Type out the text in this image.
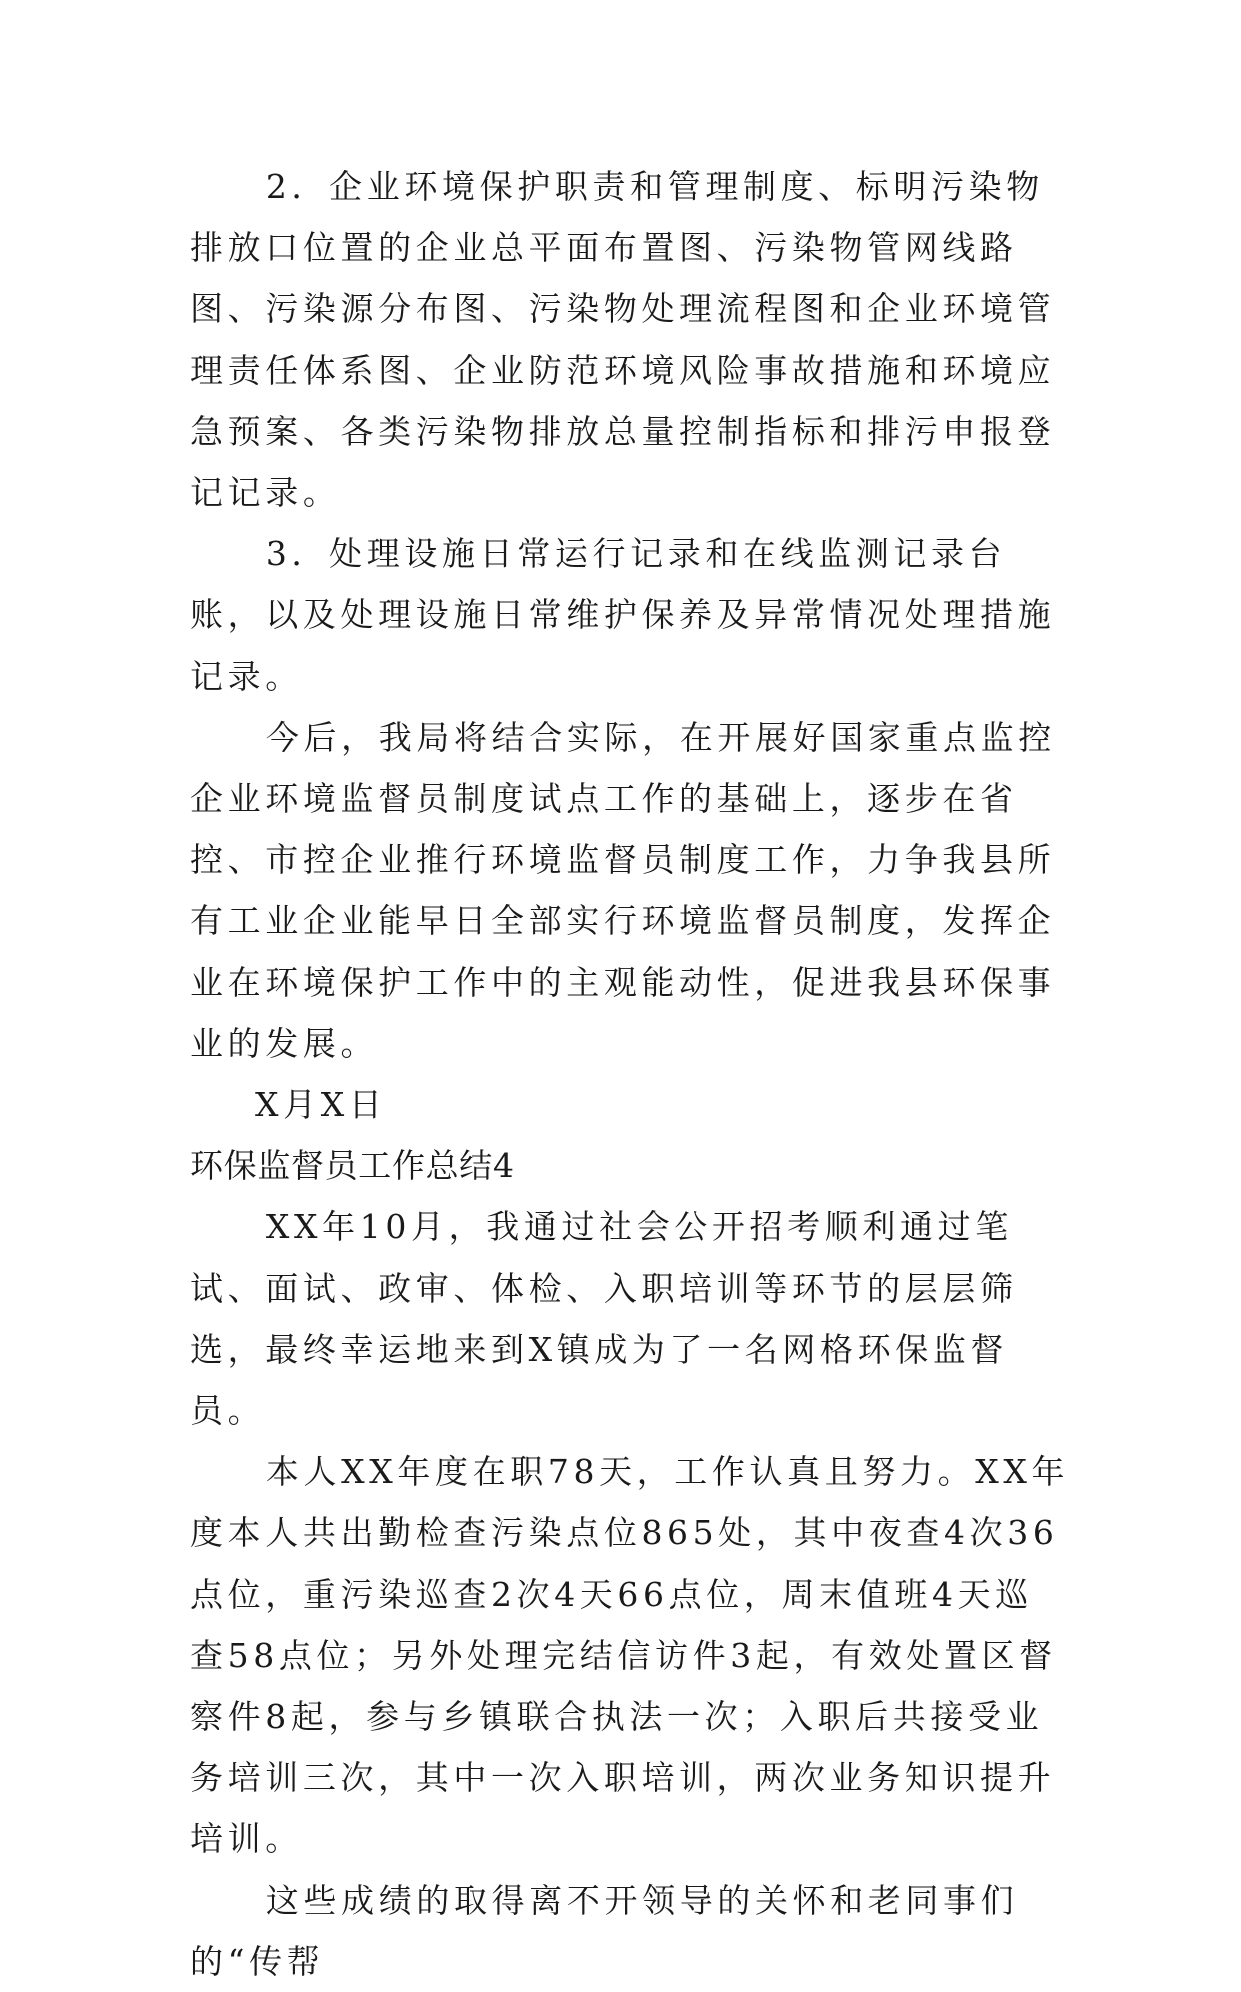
2．企业环境保护职责和管理制度、标明污染物排放口位置的企业总平面布置图、污染物管网线路图、污染源分布图、污染物处理流程图和企业环境管理责任体系图、企业防范环境风险事故措施和环境应急预案、各类污染物排放总量控制指标和排污申报登记记录。

3．处理设施日常运行记录和在线监测记录台账，以及处理设施日常维护保养及异常情况处理措施记录。

今后，我局将结合实际，在开展好国家重点监控企业环境监督员制度试点工作的基础上，逐步在省控、市控企业推行环境监督员制度工作，力争我县所有工业企业能早日全部实行环境监督员制度，发挥企业在环境保护工作中的主观能动性，促进我县环保事业的发展。

X月X日

环保监督员工作总结4

XX年10月，我通过社会公开招考顺利通过笔试、面试、政审、体检、入职培训等环节的层层筛选，最终幸运地来到X镇成为了一名网格环保监督员。

本人XX年度在职78天，工作认真且努力。XX年度本人共出勤检查污染点位865处，其中夜查4次36点位，重污染巡查2次4天66点位，周末值班4天巡查58点位；另外处理完结信访件3起，有效处置区督察件8起，参与乡镇联合执法一次；入职后共接受业务培训三次，其中一次入职培训，两次业务知识提升培训。

这些成绩的取得离不开领导的关怀和老同事们的“传帮
